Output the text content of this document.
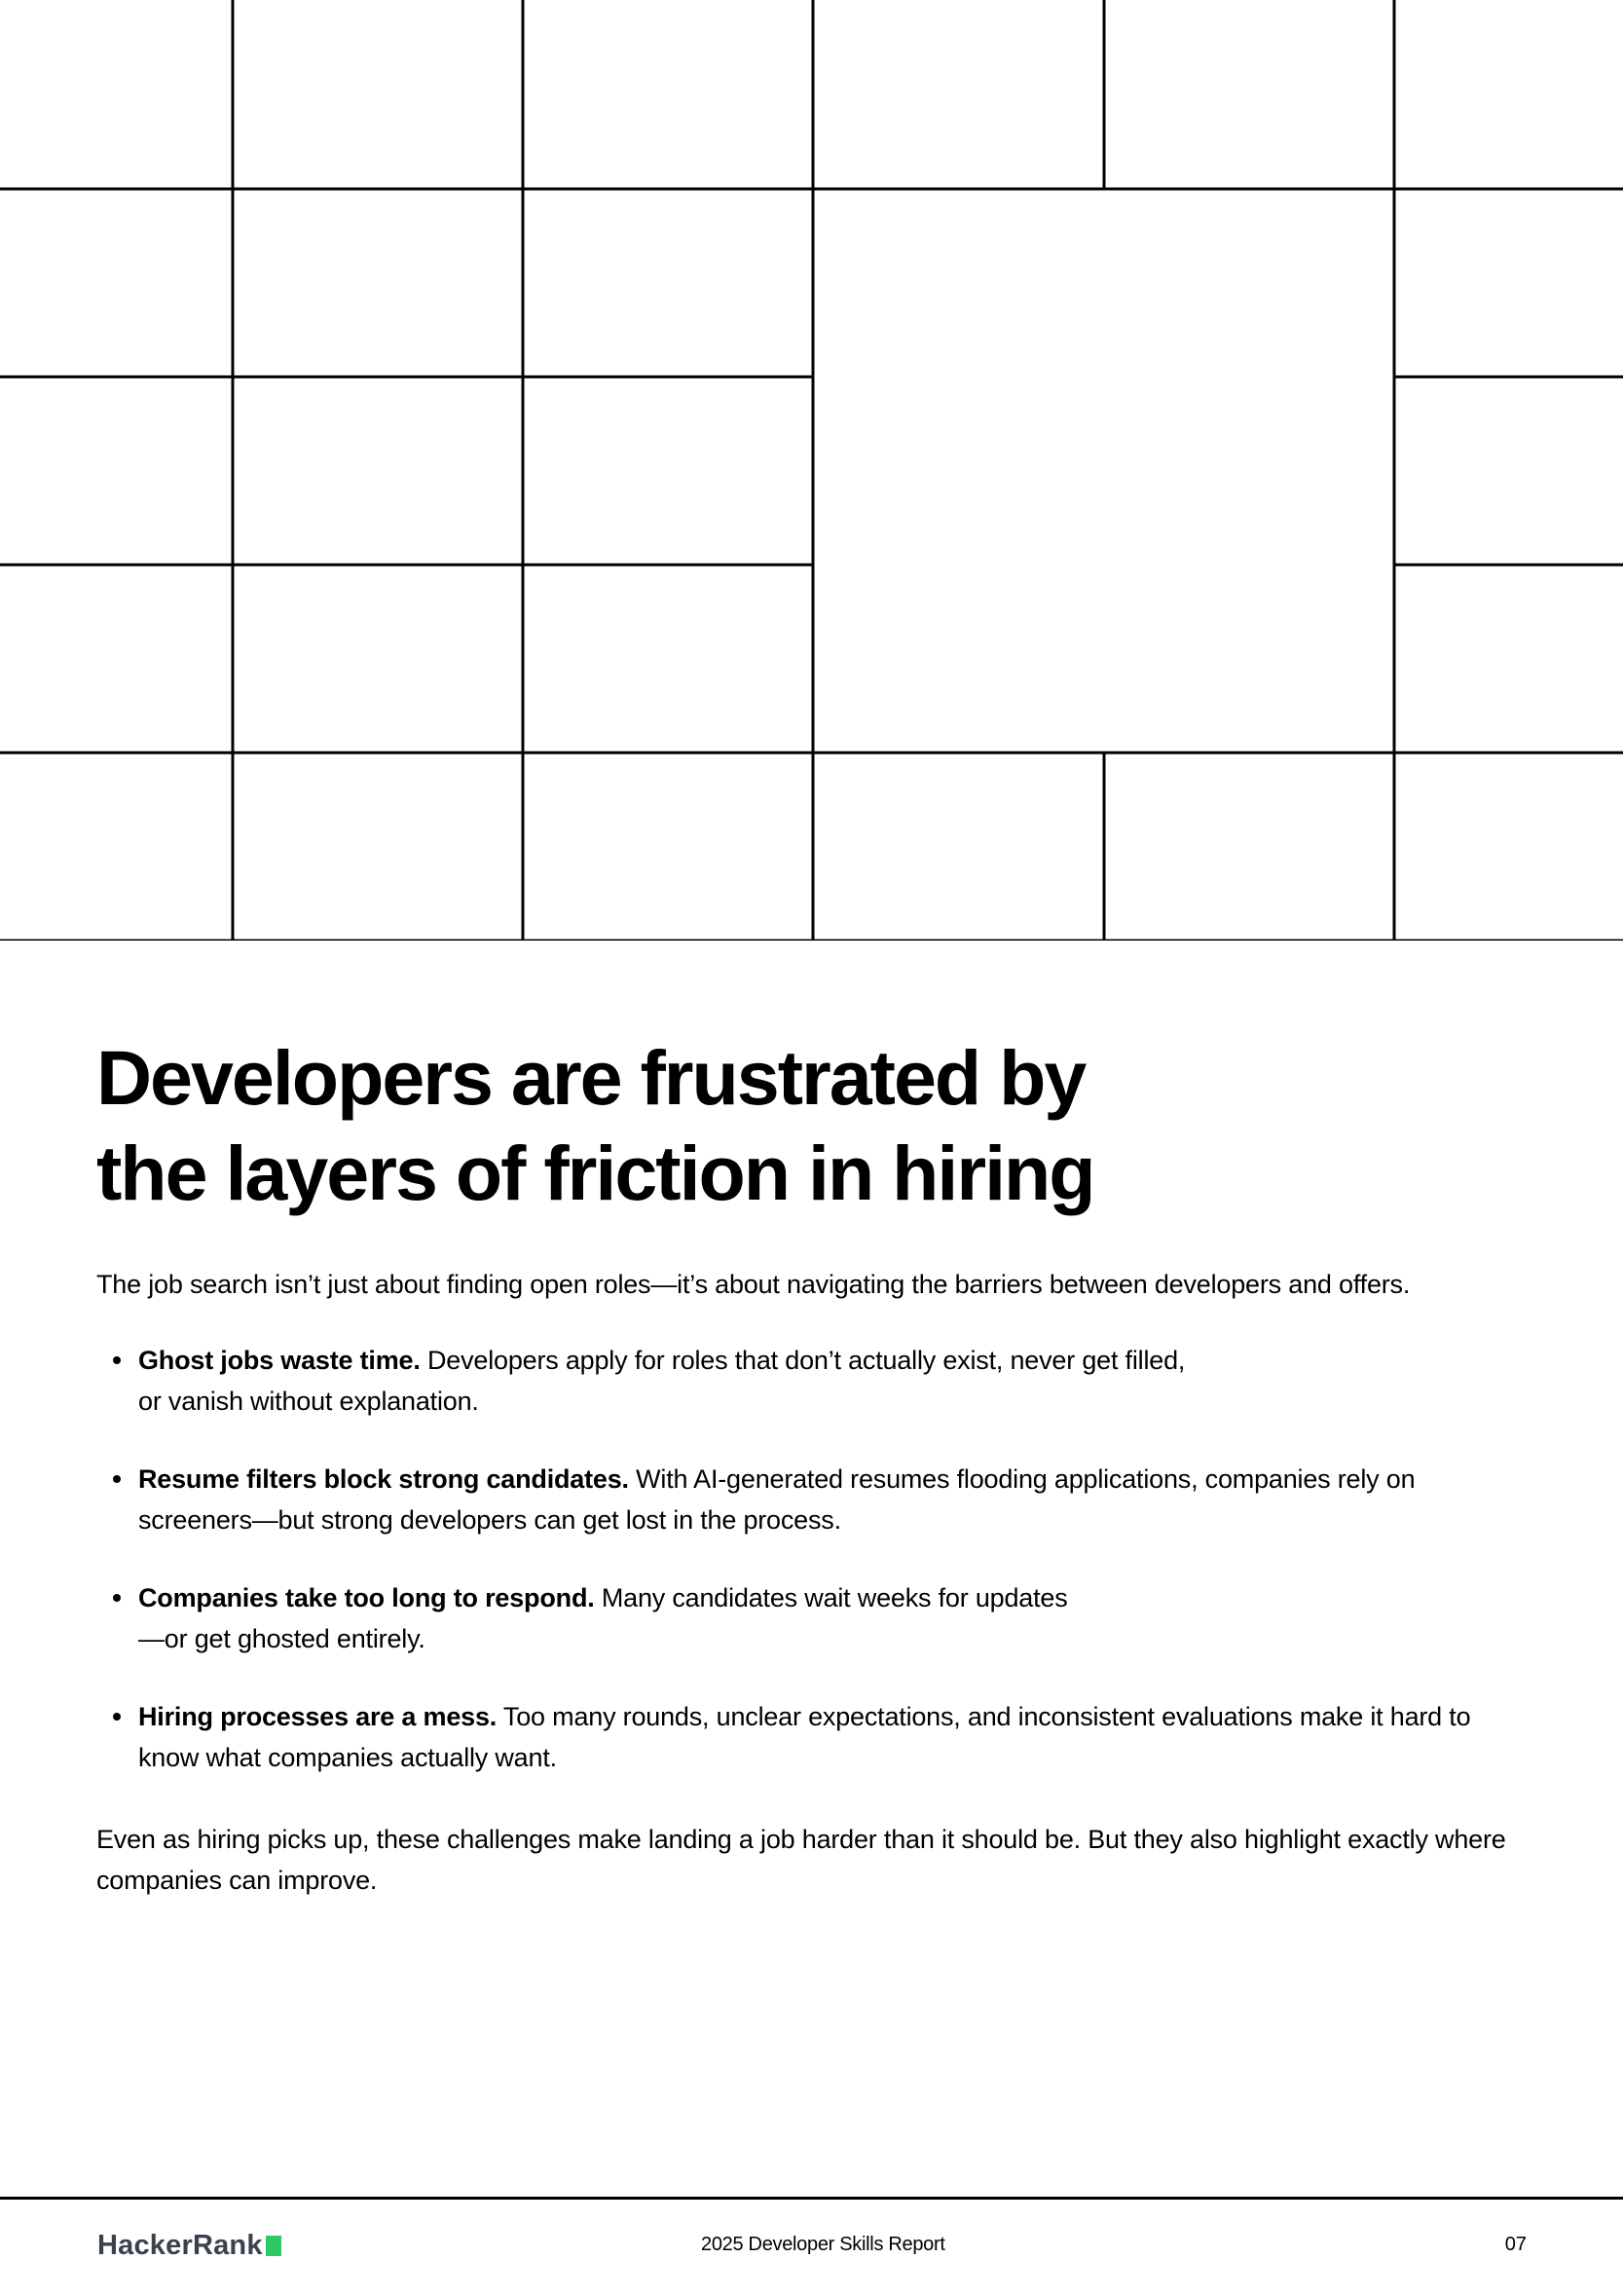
Developers are frustrated by
the layers of friction in hiring

The job search isn’t just about finding open roles—it’s about navigating the barriers between developers and offers.

Ghost jobs waste time. Developers apply for roles that don’t actually exist, never get filled,
or vanish without explanation.
Resume filters block strong candidates. With AI-generated resumes flooding applications, companies rely on
screeners—but strong developers can get lost in the process.
Companies take too long to respond. Many candidates wait weeks for updates
—or get ghosted entirely.
Hiring processes are a mess. Too many rounds, unclear expectations, and inconsistent evaluations make it hard to
know what companies actually want.

Even as hiring picks up, these challenges make landing a job harder than it should be. But they also highlight exactly where companies can improve.

HackerRank	2025 Developer Skills Report	07
